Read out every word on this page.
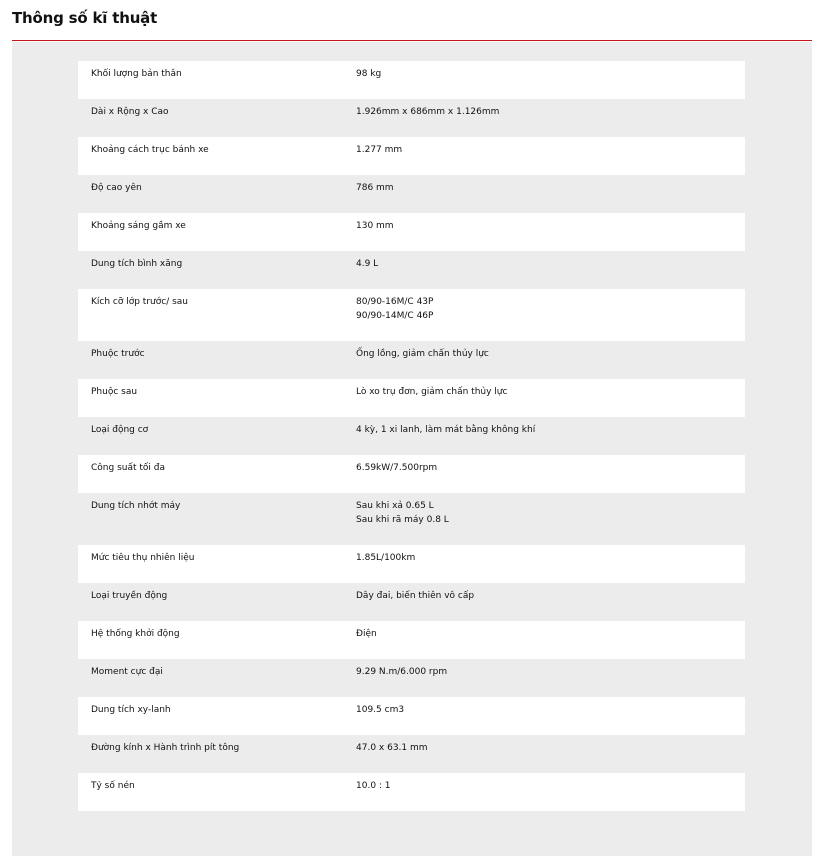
Thông số kĩ thuật
Khối lượng bản thân	98 kg
Dài x Rộng x Cao	1.926mm x 686mm x 1.126mm
Khoảng cách trục bánh xe	1.277 mm
Độ cao yên	786 mm
Khoảng sáng gầm xe	130 mm
Dung tích bình xăng	4.9 L
Kích cỡ lớp trước/ sau	80/90-16M/C 43P
90/90-14M/C 46P
Phuộc trước	Ống lồng, giảm chấn thủy lực
Phuộc sau	Lò xo trụ đơn, giảm chấn thủy lực
Loại động cơ	4 kỳ, 1 xi lanh, làm mát bằng không khí
Công suất tối đa	6.59kW/7.500rpm
Dung tích nhớt máy	Sau khi xả 0.65 L
Sau khi rã máy 0.8 L
Mức tiêu thụ nhiên liệu	1.85L/100km
Loại truyền động	Dây đai, biến thiên vô cấp
Hệ thống khởi động	Điện
Moment cực đại	9.29 N.m/6.000 rpm
Dung tích xy-lanh	109.5 cm3
Đường kính x Hành trình pít tông	47.0 x 63.1 mm
Tỷ số nén	10.0 : 1
